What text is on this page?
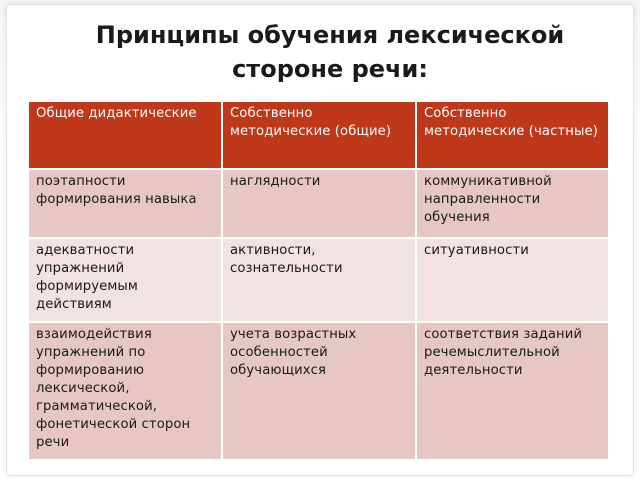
Принципы обучения лексической
стороне речи:
Общие дидактические	Собственно методические (общие)	Собственно методические (частные)
поэтапности формирования навыка	наглядности	коммуникативной направленности обучения
адекватности упражнений формируемым действиям	активности, сознательности	ситуативности
взаимодействия упражнений по формированию лексической, грамматической, фонетической сторон речи	учета возрастных особенностей обучающихся	соответствия заданий речемыслительной деятельности
